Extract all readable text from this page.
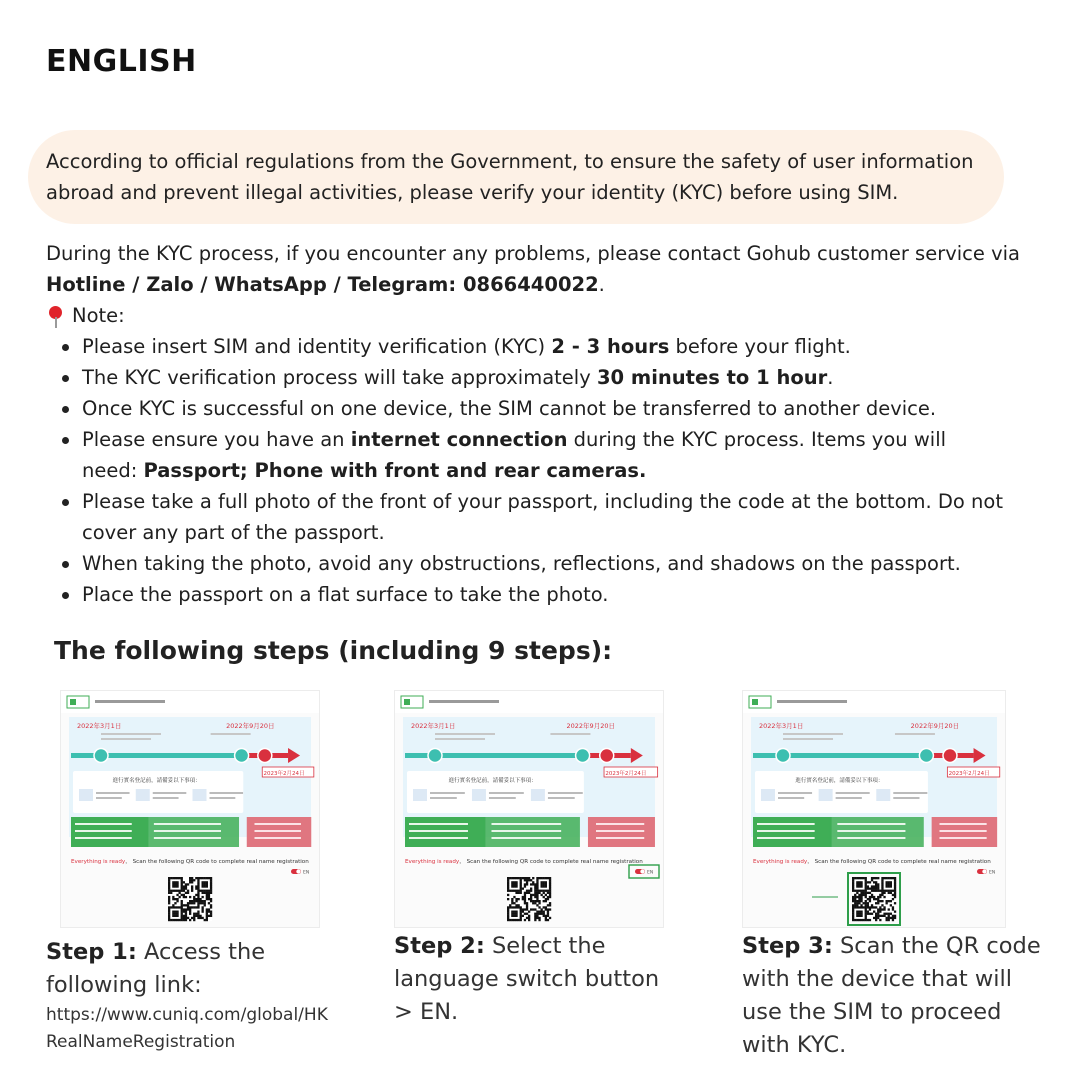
ENGLISH

According to official regulations from the Government, to ensure the safety of user information abroad and prevent illegal activities, please verify your identity (KYC) before using SIM.

During the KYC process, if you encounter any problems, please contact Gohub customer service via Hotline / Zalo / WhatsApp / Telegram: 0866440022.

Note:

Please insert SIM and identity verification (KYC) 2 - 3 hours before your flight.
The KYC verification process will take approximately 30 minutes to 1 hour.
Once KYC is successful on one device, the SIM cannot be transferred to another device.
Please ensure you have an internet connection during the KYC process. Items you will need: Passport; Phone with front and rear cameras.
Please take a full photo of the front of your passport, including the code at the bottom. Do not cover any part of the passport.
When taking the photo, avoid any obstructions, reflections, and shadows on the passport.
Place the passport on a flat surface to take the photo.
The following steps (including 9 steps):
2022年3月1日	2022年9月20日
2023年2月24日
進行實名登記前，請備妥以下事項：
Everything is ready， Scan the following QR code to complete real name registration
EN
2022年3月1日	2022年9月20日
2023年2月24日
進行實名登記前，請備妥以下事項：
Everything is ready， Scan the following QR code to complete real name registration
EN
2022年3月1日	2022年9月20日
2023年2月24日
進行實名登記前，請備妥以下事項：
Everything is ready， Scan the following QR code to complete real name registration
EN

Step 1: Access the following link:
https://www.cuniq.com/global/HKRealNameRegistration

Step 2: Select the language switch button > EN.

Step 3: Scan the QR code with the device that will use the SIM to proceed with KYC.
